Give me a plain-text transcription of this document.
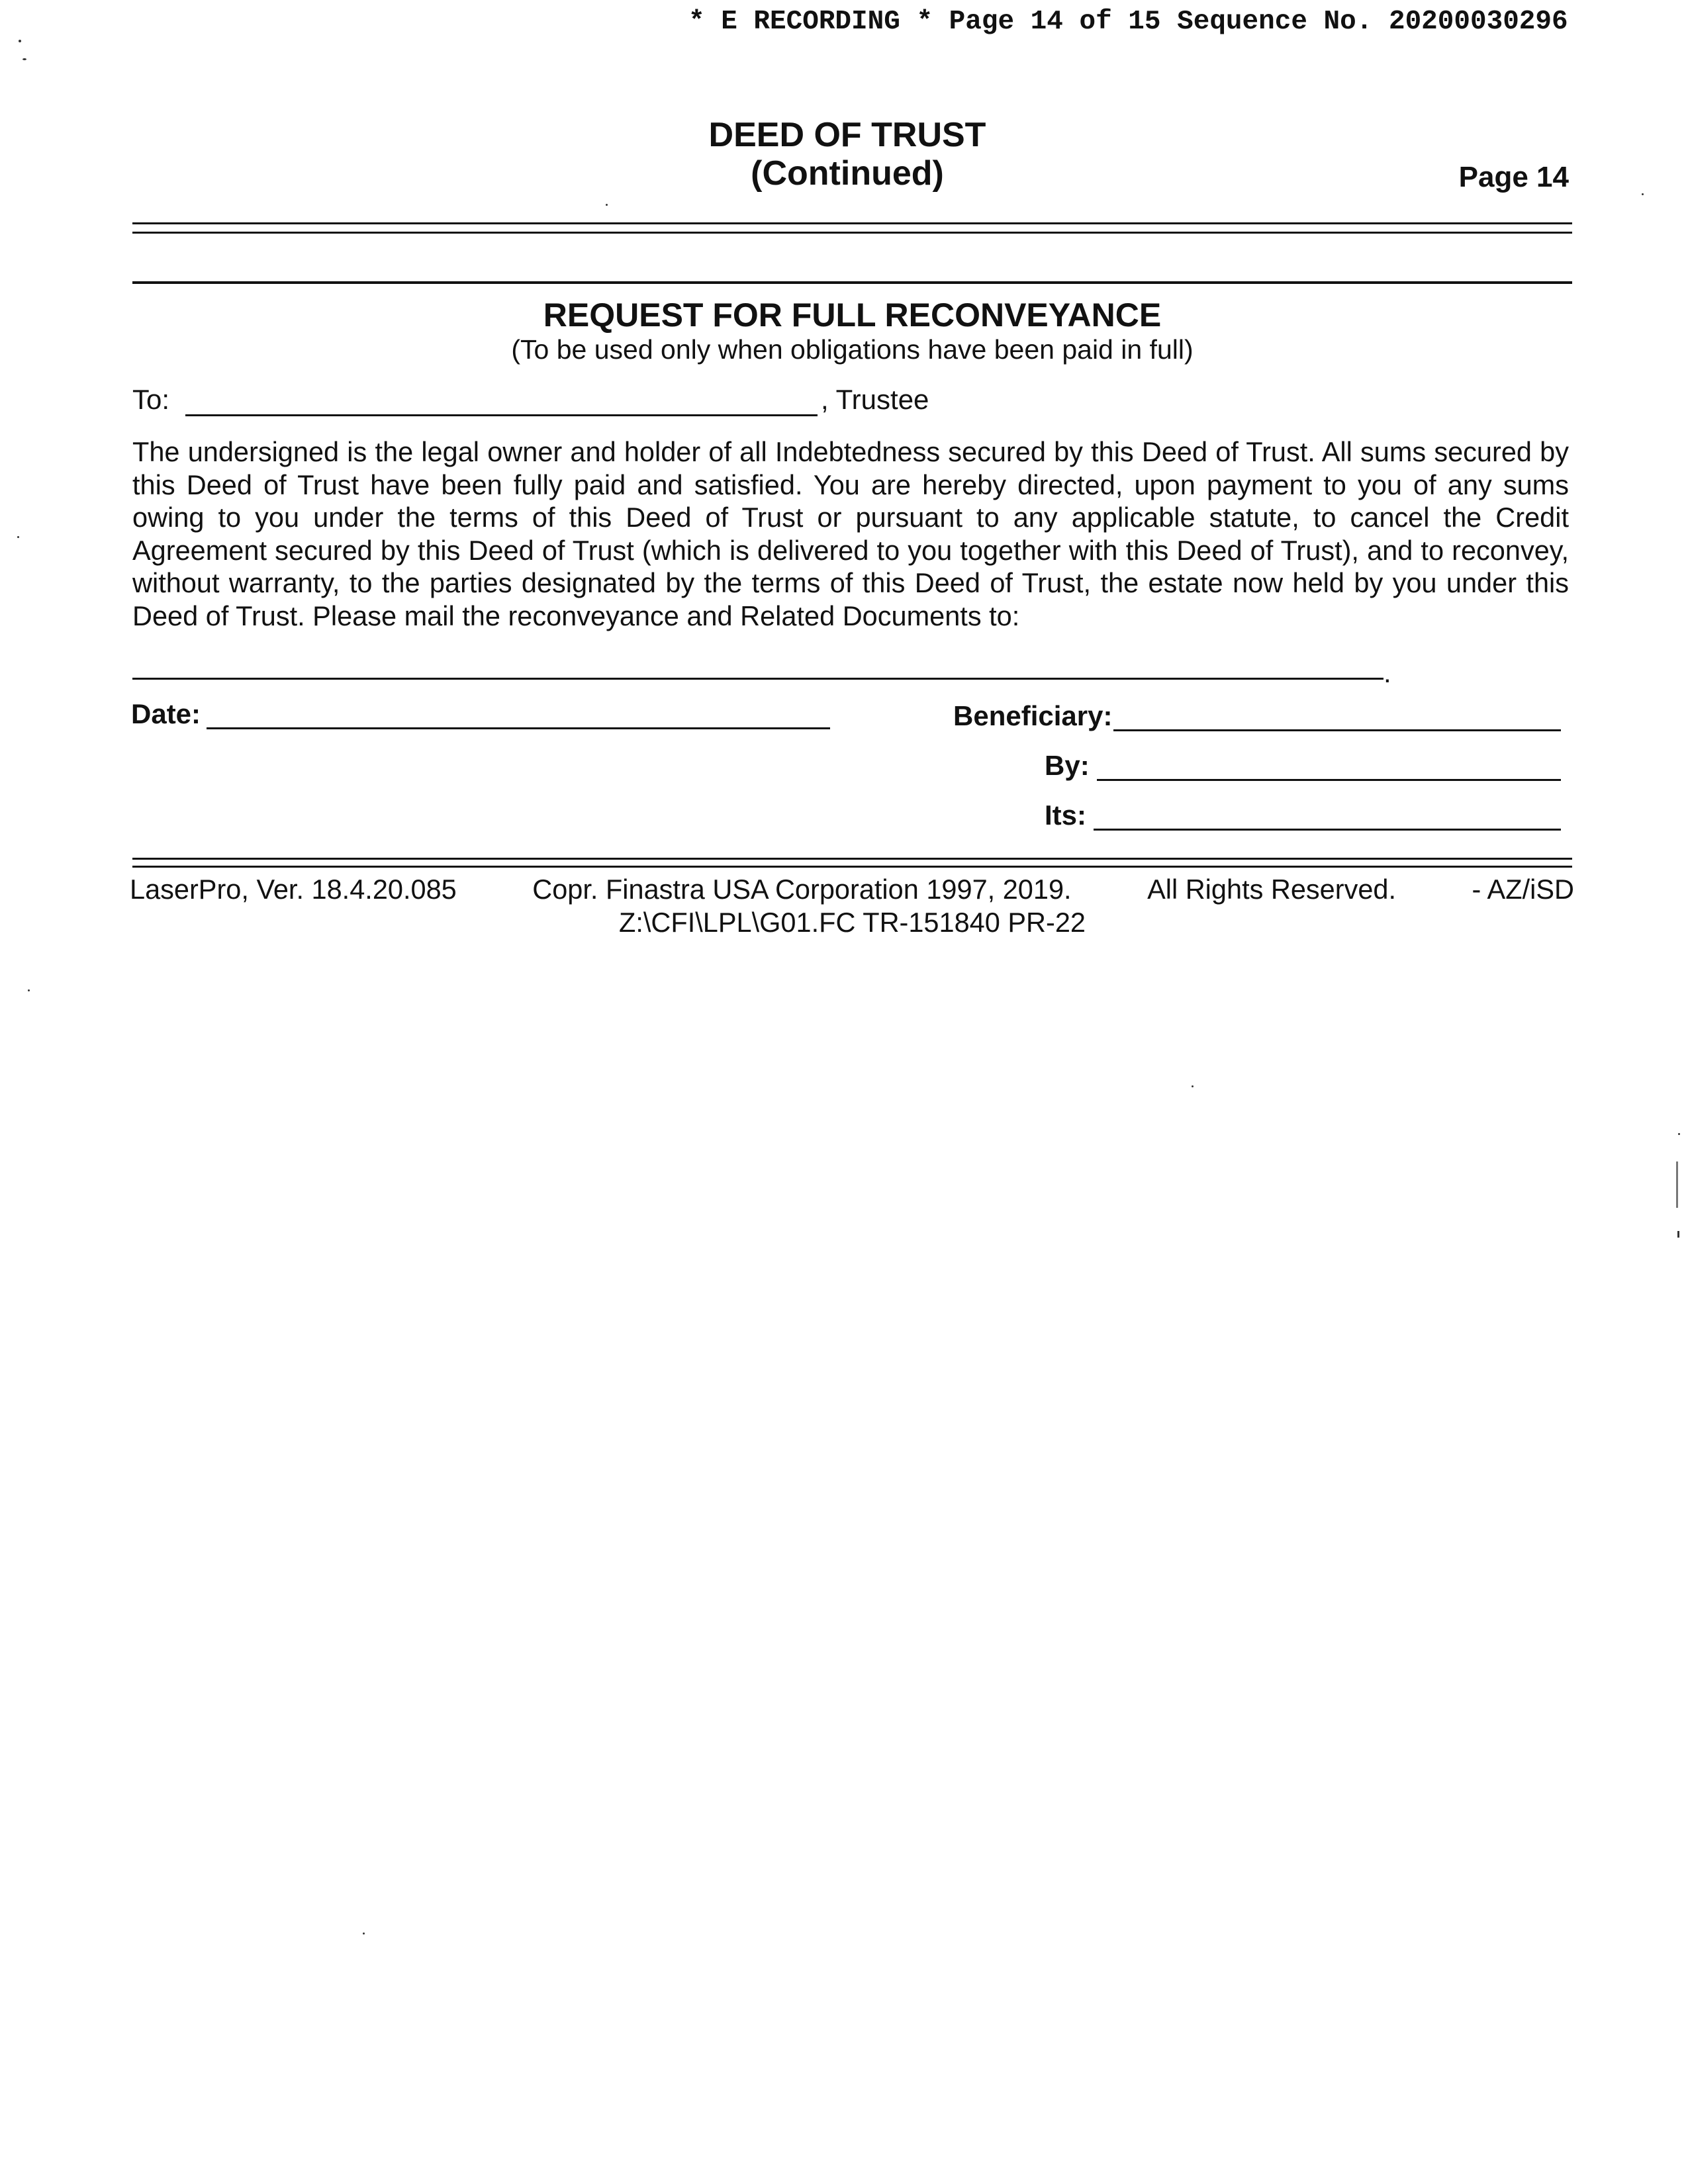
* E RECORDING * Page 14 of 15 Sequence No. 20200030296
DEED OF TRUST
(Continued)	Page 14
REQUEST FOR FULL RECONVEYANCE
(To be used only when obligations have been paid in full)
To:	, Trustee
The undersigned is the legal owner and holder of all Indebtedness secured by this Deed of Trust. All sums secured by this Deed of Trust have been fully paid and satisfied. You are hereby directed, upon payment to you of any sums owing to you under the terms of this Deed of Trust or pursuant to any applicable statute, to cancel the Credit Agreement secured by this Deed of Trust (which is delivered to you together with this Deed of Trust), and to reconvey, without warranty, to the parties designated by the terms of this Deed of Trust, the estate now held by you under this Deed of Trust. Please mail the reconveyance and Related Documents to:
.
Date:	Beneficiary:
By:
Its:
LaserPro, Ver. 18.4.20.085	Copr. Finastra USA Corporation 1997, 2019.	All Rights Reserved.	- AZ/iSD
Z:\CFI\LPL\G01.FC TR-151840 PR-22
